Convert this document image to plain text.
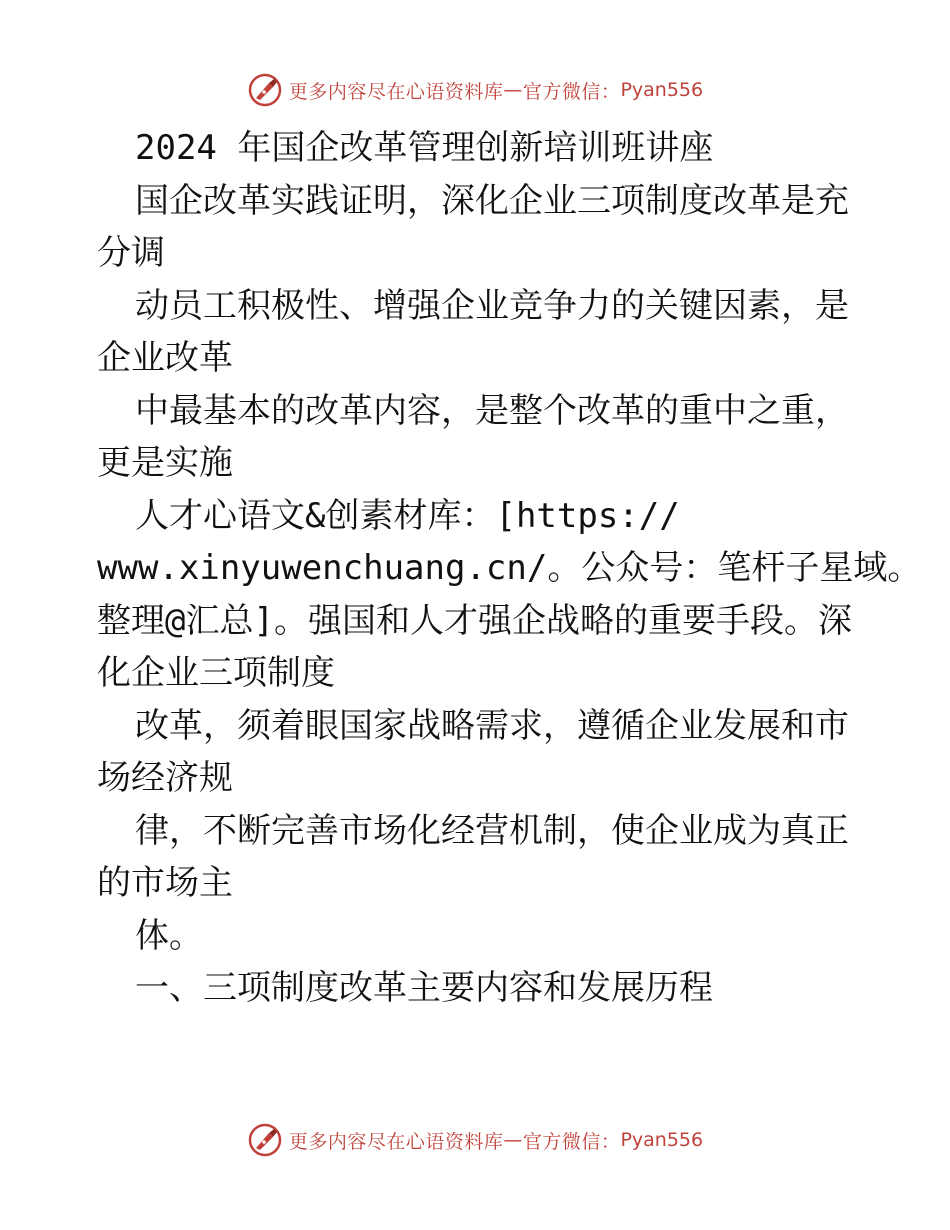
更多内容尽在心语资料库 — 官方微信： Pyan556
2024 年国企改革管理创新培训班讲座
国企改革实践证明，深化企业三项制度改革是充
分调
动员工积极性、增强企业竞争力的关键因素，是
企业改革
中最基本的改革内容，是整个改革的重中之重，
更是实施
人才心语文&创素材库：[https://
www.xinyuwenchuang.cn/。公众号：笔杆子星域。
整理@汇总]。强国和人才强企战略的重要手段。深
化企业三项制度
改革，须着眼国家战略需求，遵循企业发展和市
场经济规
律，不断完善市场化经营机制，使企业成为真正
的市场主
体。
一、三项制度改革主要内容和发展历程
更多内容尽在心语资料库 — 官方微信： Pyan556
